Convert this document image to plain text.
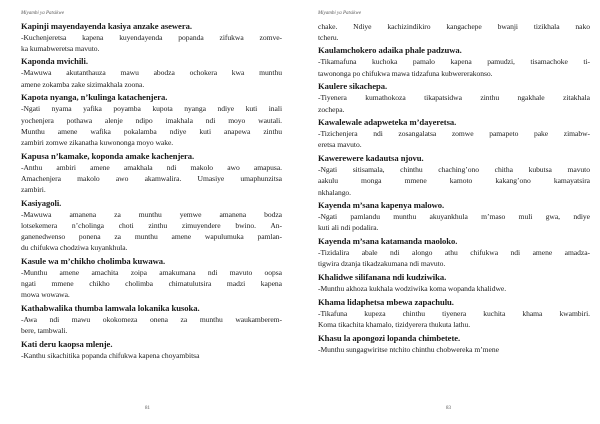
Miyambi ya Patsikwe
Kapinji mayendayenda kasiya anzake asewera.
-Kuchenjeretsa kapena kuyendayenda popanda zifukwa zomve-
ka kumabweretsa mavuto.
Kaponda mvichili.
-Mawuwa akutanthauza mawu abodza ochokera kwa munthu
amene zokamba zake sizimakhala zoona.
Kapota nyanga, n’kulinga katachenjera.
-Ngati nyama yafika poyamba kupota nyanga ndiye kuti inali
yochenjera pothawa alenje ndipo imakhala ndi moyo wautali.
Munthu amene wafika pokalamba ndiye kuti anapewa zinthu
zambiri zomwe zikanatha kuwononga moyo wake.
Kapusa n’kamake, koponda amake kachenjera.
-Anthu ambiri amene amakhala ndi makolo awo amapusa.
Amachenjera makolo awo akamwalira. Umasiye umaphunzitsa
zambiri.
Kasiyagoli.
-Mawuwa amanena za munthu yemwe amanena bodza
lotsekemera n’cholinga choti zinthu zimuyendere bwino. An-
ganenedwenso ponena za munthu amene wapulumuka pamlan-
du chifukwa chodziwa kuyankhula.
Kasule wa m’chikho cholimba kuwawa.
-Munthu amene amachita zoipa amakumana ndi mavuto oopsa
ngati mmene chikho cholimba chimatulutsira madzi kapena
mowa wowawa.
Kathabwalika thumba lamwala lokanika kusoka.
-Awa ndi mawu okokomeza onena za munthu waukamberem-
bere, tambwali.
Kati deru kaopsa mlenje.
-Kanthu sikachitika popanda chifukwa kapena choyambitsa
81
Miyambi ya Patsikwe
chake. Ndiye kachizindikiro kangachepe bwanji tizikhala nako
tcheru.
Kaulamchokero adaika phale padzuwa.
-Tikamafuna kuchoka pamalo kapena pamudzi, tisamachoke ti-
tawononga po chifukwa mawa tidzafuna kubwererakonso.
Kaulere sikachepa.
-Tiyenera kumathokoza tikapatsidwa zinthu ngakhale zitakhala
zochepa.
Kawalewale adapweteka m’dayeretsa.
-Tizichenjera ndi zosangalatsa zomwe pamapeto pake zimabw-
eretsa mavuto.
Kawerewere kadautsa njovu.
-Ngati sitisamala, chinthu chaching’ono chitha kubutsa mavuto
aakulu monga mmene kamoto kakang’ono kamayatsira
nkhalango.
Kayenda m’sana kapenya malowo.
-Ngati pamlandu munthu akuyankhula m’maso muli gwa, ndiye
kuti ali ndi podalira.
Kayenda m’sana katamanda maoloko.
-Tizidalira abale ndi alongo athu chifukwa ndi amene amadza-
tigwira dzanja tikadzakumana ndi mavuto.
Khalidwe silifanana ndi kudziwika.
-Munthu akhoza kukhala wodziwika koma wopanda khalidwe.
Khama lidaphetsa mbewa zapachulu.
-Tikafuna kupeza chinthu tiyenera kuchita khama kwambiri.
Koma tikachita khamalo, tizidyerera thukuta lathu.
Khasu la apongozi lopanda chimbetete.
-Munthu sungagwiritse ntchito chinthu chobwereka m’mene
83
